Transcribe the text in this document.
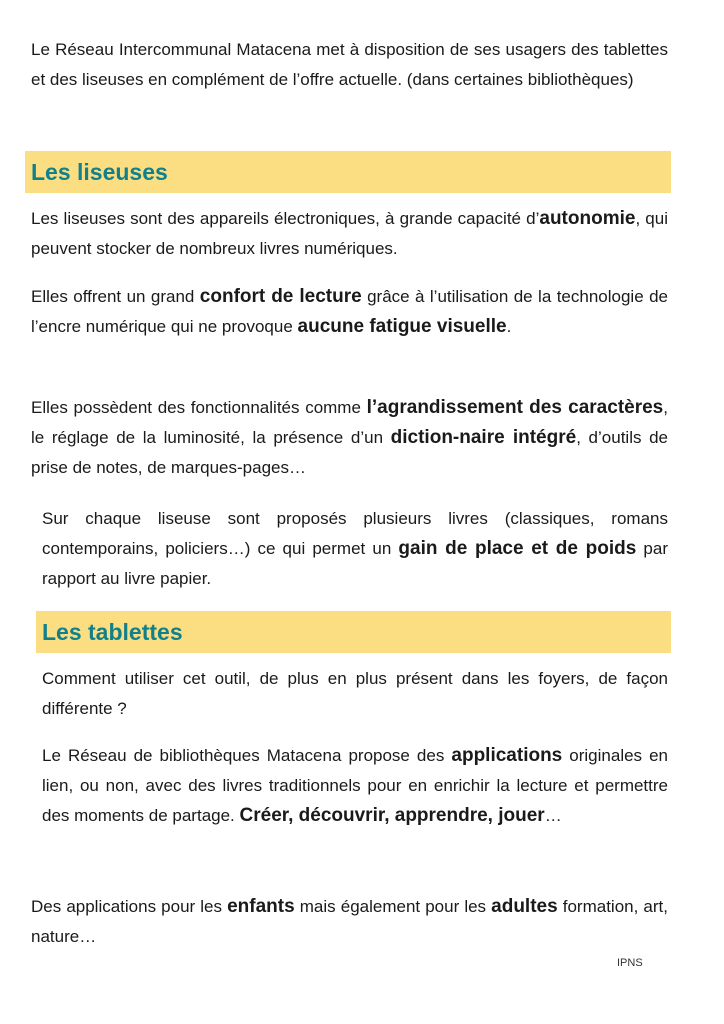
Le Réseau Intercommunal Matacena met à disposition de ses usagers des tablettes et des liseuses en complément de l’offre actuelle. (dans certaines bibliothèques)

Les liseuses

Les liseuses sont des appareils électroniques, à grande capacité d’autonomie, qui peuvent stocker de nombreux livres numériques.

Elles offrent un grand confort de lecture grâce à l’utilisation de la technologie de l’encre numérique qui ne provoque aucune fatigue visuelle.

Elles possèdent des fonctionnalités comme l’agrandissement des caractères, le réglage de la luminosité, la présence d’un diction-naire intégré, d’outils de prise de notes, de marques-pages…

Sur chaque liseuse sont proposés plusieurs livres (classiques, romans contemporains, policiers…) ce qui permet un gain de place et de poids par rapport au livre papier.

Les tablettes

Comment utiliser cet outil, de plus en plus présent dans les foyers, de façon différente ?

Le Réseau de bibliothèques Matacena propose des applications originales en lien, ou non, avec des livres traditionnels pour en enrichir la lecture et permettre des moments de partage. Créer, découvrir, apprendre, jouer…

Des applications pour les enfants mais également pour les adultes formation, art, nature…

IPNS
